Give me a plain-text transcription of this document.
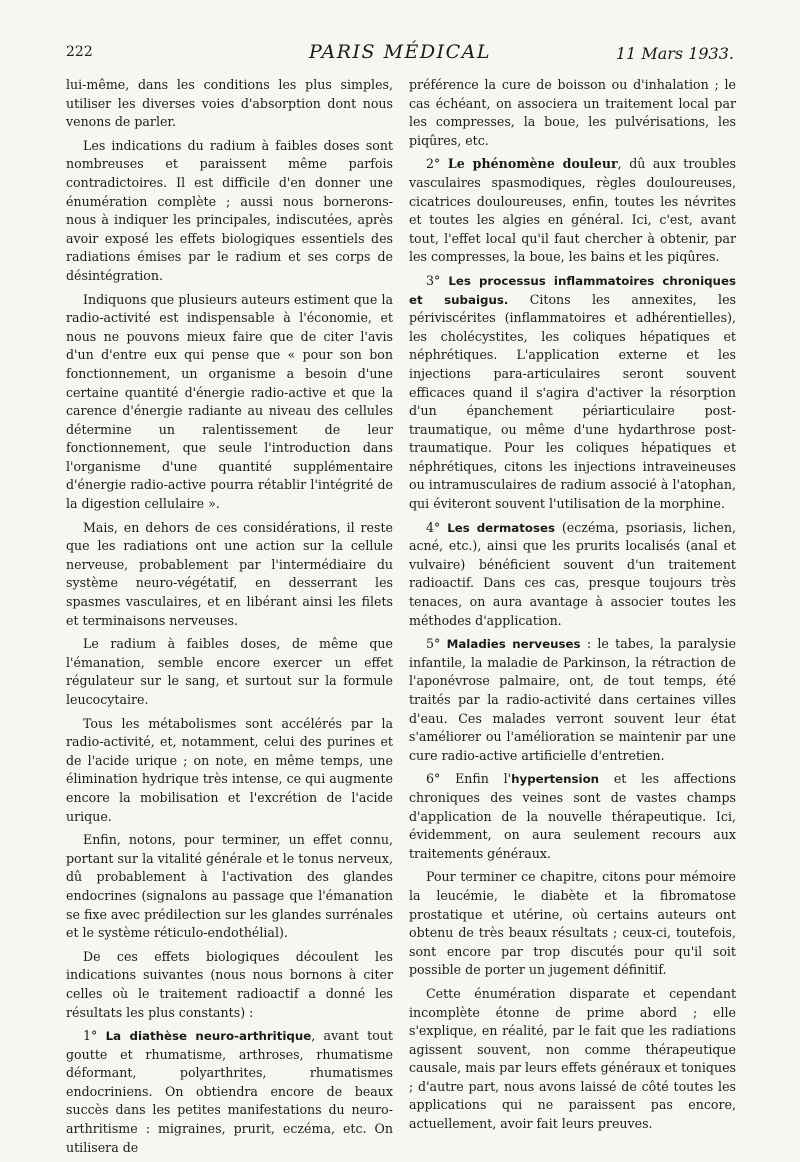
222	PARIS MÉDICAL	11 Mars 1933.

lui-même, dans les conditions les plus simples, utiliser les diverses voies d'absorption dont nous venons de parler.

Les indications du radium à faibles doses sont nombreuses et paraissent même parfois contradictoires. Il est difficile d'en donner une énumération complète ; aussi nous bornerons-nous à indiquer les principales, indiscutées, après avoir exposé les effets biologiques essentiels des radiations émises par le radium et ses corps de désintégration.

Indiquons que plusieurs auteurs estiment que la radio-activité est indispensable à l'économie, et nous ne pouvons mieux faire que de citer l'avis d'un d'entre eux qui pense que « pour son bon fonctionnement, un organisme a besoin d'une certaine quantité d'énergie radio-active et que la carence d'énergie radiante au niveau des cellules détermine un ralentissement de leur fonctionnement, que seule l'introduction dans l'organisme d'une quantité supplémentaire d'énergie radio-active pourra rétablir l'intégrité de la digestion cellulaire ».

Mais, en dehors de ces considérations, il reste que les radiations ont une action sur la cellule nerveuse, probablement par l'intermédiaire du système neuro-végétatif, en desserrant les spasmes vasculaires, et en libérant ainsi les filets et terminaisons nerveuses.

Le radium à faibles doses, de même que l'émanation, semble encore exercer un effet régulateur sur le sang, et surtout sur la formule leucocytaire.

Tous les métabolismes sont accélérés par la radio-activité, et, notamment, celui des purines et de l'acide urique ; on note, en même temps, une élimination hydrique très intense, ce qui augmente encore la mobilisation et l'excrétion de l'acide urique.

Enfin, notons, pour terminer, un effet connu, portant sur la vitalité générale et le tonus nerveux, dû probablement à l'activation des glandes endocrines (signalons au passage que l'émanation se fixe avec prédilection sur les glandes surrénales et le système réticulo-endothélial).

De ces effets biologiques découlent les indications suivantes (nous nous bornons à citer celles où le traitement radioactif a donné les résultats les plus constants) :

1° La diathèse neuro-arthritique, avant tout goutte et rhumatisme, arthroses, rhumatisme déformant, polyarthrites, rhumatismes endocriniens. On obtiendra encore de beaux succès dans les petites manifestations du neuro-arthritisme : migraines, prurit, eczéma, etc. On utilisera de

préférence la cure de boisson ou d'inhalation ; le cas échéant, on associera un traitement local par les compresses, la boue, les pulvérisations, les piqûres, etc.

2° Le phénomène douleur, dû aux troubles vasculaires spasmodiques, règles douloureuses, cicatrices douloureuses, enfin, toutes les névrites et toutes les algies en général. Ici, c'est, avant tout, l'effet local qu'il faut chercher à obtenir, par les compresses, la boue, les bains et les piqûres.

3° Les processus inflammatoires chroniques et subaigus. Citons les annexites, les périviscérites (inflammatoires et adhérentielles), les cholécystites, les coliques hépatiques et néphrétiques. L'application externe et les injections para-articulaires seront souvent efficaces quand il s'agira d'activer la résorption d'un épanchement périarticulaire post-traumatique, ou même d'une hydarthrose post-traumatique. Pour les coliques hépatiques et néphrétiques, citons les injections intraveineuses ou intramusculaires de radium associé à l'atophan, qui éviteront souvent l'utilisation de la morphine.

4° Les dermatoses (eczéma, psoriasis, lichen, acné, etc.), ainsi que les prurits localisés (anal et vulvaire) bénéficient souvent d'un traitement radioactif. Dans ces cas, presque toujours très tenaces, on aura avantage à associer toutes les méthodes d'application.

5° Maladies nerveuses : le tabes, la paralysie infantile, la maladie de Parkinson, la rétraction de l'aponévrose palmaire, ont, de tout temps, été traités par la radio-activité dans certaines villes d'eau. Ces malades verront souvent leur état s'améliorer ou l'amélioration se maintenir par une cure radio-active artificielle d'entretien.

6° Enfin l'hypertension et les affections chroniques des veines sont de vastes champs d'application de la nouvelle thérapeutique. Ici, évidemment, on aura seulement recours aux traitements généraux.

Pour terminer ce chapitre, citons pour mémoire la leucémie, le diabète et la fibromatose prostatique et utérine, où certains auteurs ont obtenu de très beaux résultats ; ceux-ci, toutefois, sont encore par trop discutés pour qu'il soit possible de porter un jugement définitif.

Cette énumération disparate et cependant incomplète étonne de prime abord ; elle s'explique, en réalité, par le fait que les radiations agissent souvent, non comme thérapeutique causale, mais par leurs effets généraux et toniques ; d'autre part, nous avons laissé de côté toutes les applications qui ne paraissent pas encore, actuellement, avoir fait leurs preuves.
